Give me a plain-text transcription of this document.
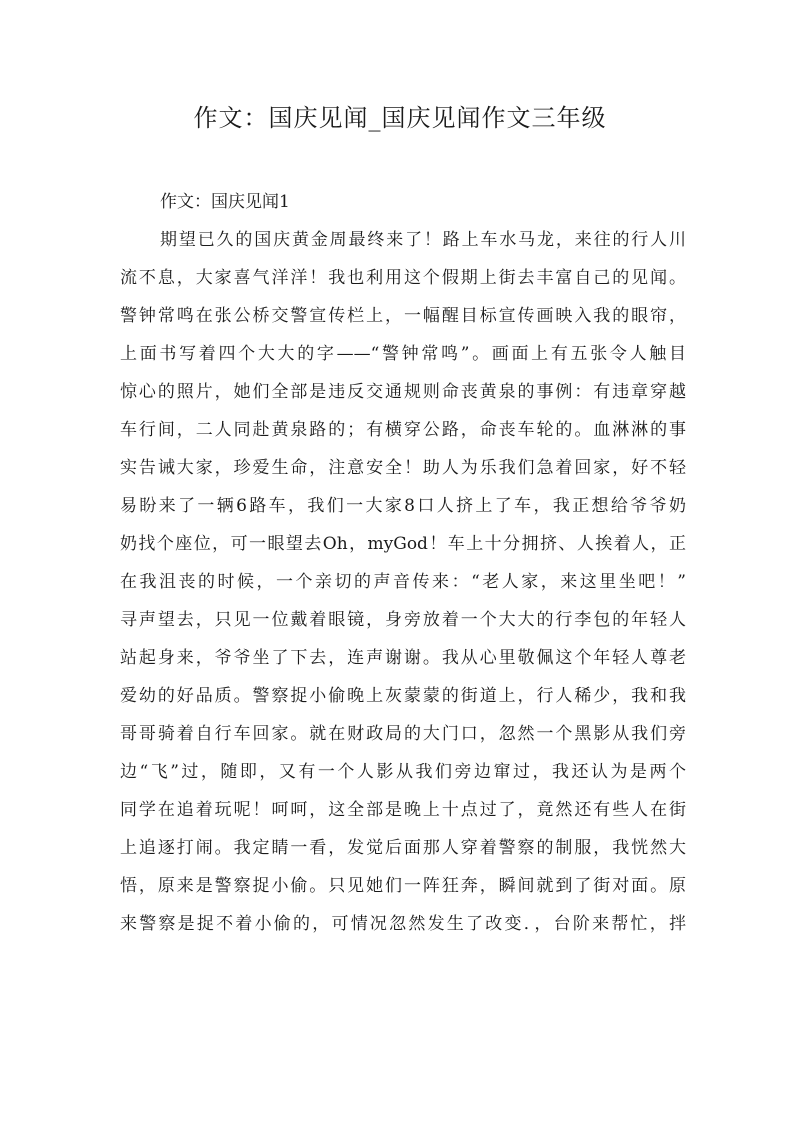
作文：国庆见闻_国庆见闻作文三年级

作文：国庆见闻1

期望已久的国庆黄金周最终来了！路上车水马龙，来往的行人川
流不息，大家喜气洋洋！我也利用这个假期上街去丰富自己的见闻。
警钟常鸣在张公桥交警宣传栏上，一幅醒目标宣传画映入我的眼帘，
上面书写着四个大大的字——“警钟常鸣”。画面上有五张令人触目
惊心的照片，她们全部是违反交通规则命丧黄泉的事例：有违章穿越
车行间，二人同赴黄泉路的；有横穿公路，命丧车轮的。血淋淋的事
实告诫大家，珍爱生命，注意安全！助人为乐我们急着回家，好不轻
易盼来了一辆6路车，我们一大家8口人挤上了车，我正想给爷爷奶
奶找个座位，可一眼望去Oh，myGod！车上十分拥挤、人挨着人，正
在我沮丧的时候，一个亲切的声音传来：“老人家，来这里坐吧！”
寻声望去，只见一位戴着眼镜，身旁放着一个大大的行李包的年轻人
站起身来，爷爷坐了下去，连声谢谢。我从心里敬佩这个年轻人尊老
爱幼的好品质。警察捉小偷晚上灰蒙蒙的街道上，行人稀少，我和我
哥哥骑着自行车回家。就在财政局的大门口，忽然一个黑影从我们旁
边“飞”过，随即，又有一个人影从我们旁边窜过，我还认为是两个
同学在追着玩呢！呵呵，这全部是晚上十点过了，竟然还有些人在街
上追逐打闹。我定睛一看，发觉后面那人穿着警察的制服，我恍然大
悟，原来是警察捉小偷。只见她们一阵狂奔，瞬间就到了街对面。原
来警察是捉不着小偷的，可情况忽然发生了改变．，台阶来帮忙，拌
